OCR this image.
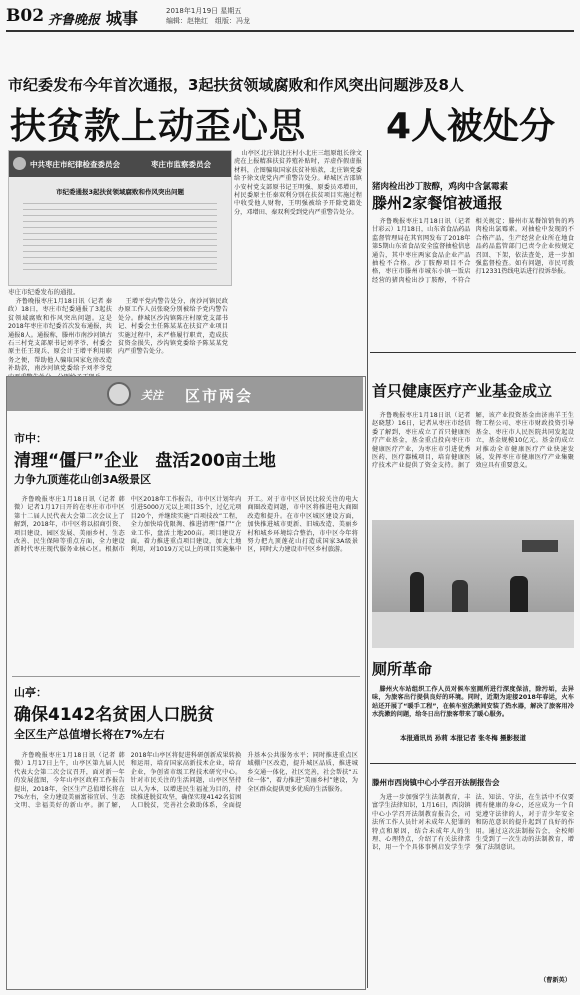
B02 齐鲁晚报 城事	2018年1月19日 星期五
编辑：赵艳红　组版：冯龙
市纪委发布今年首次通报，3起扶贫领域腐败和作风突出问题涉及8人
扶贫款上动歪心思 4人被处分
中共枣庄市纪律检查委员会	枣庄市监察委员会
市纪委通报3起扶贫领域腐败和作风突出问题
枣庄市纪委发布的通报。

齐鲁晚报枣庄1月18日讯（记者 秦政）18日，枣庄市纪委通报了3起扶贫领域腐败和作风突出问题。这是2018年枣庄市纪委首次发布通报，共通报8人。通报称，滕州市南沙河镇古石三村党支部原书记刘孝爷、村委会原主任王现兵、原会计王增平利用职务之便，帮助他人骗取国家危房改造补助款，南沙河镇党委给予刘孝爷党

王增平党内警告处分，南沙河镇民政办原工作人员张晓分别被给予党内警告处分。薛城区沙沟镇陈庄村原党支部书记、村委会主任陈某某在扶贫产业项目实施过程中，未严格履行职责，造成扶贫资金损失，沙沟镇党委给予陈某某党内严重警告处分。

山亭区北庄镇北庄村小北庄三组原组长徐文虎在上报精准扶贫养殖补贴时，弄虚作假虚报材料，企图骗取国家扶贫补贴款，北庄镇党委给予徐文虎党内严重警告处分。峄城区古邵镇小安村党支部原书记王明强、原委员邓增田，村民委原主任秦双利分别在扶贫项目实施过程中收受他人财物，王明强被给予开除党籍处分，邓增田、秦双利受到党内严重警告处分。

猪肉检出沙丁胺醇，鸡肉中含氯霉素
滕州2家餐馆被通报

齐鲁晚报枣庄1月18日讯（记者 甘彩云）1月18日，山东省食品药品监督管理局在其官网发布了2018年第5期山东省食品安全监督抽检信息通告，其中枣庄两家食品企业产品抽检不合格。沙丁胺醇项目不合格，枣庄市滕州市城东小镇一饭店经营的猪肉检出沙丁胺醇，不符合相关规定；滕州市某餐馆销售的鸡肉检出氯霉素。对抽检中发现的不合格产品，生产经营企业所在地食品药品监管部门已责令企业按规定召回、下架，依法查处，进一步加强监督检查。如有问题，市民可拨打12331热线电话进行投诉举报。

首只健康医疗产业基金成立

齐鲁晚报枣庄1月18日讯（记者 赵晓慧）16日，记者从枣庄市经信委了解到，枣庄成立了首只健康医疗产业基金，基金重点投向枣庄市健康医疗产业，为枣庄市引进优秀医药、医疗器械项目，培育健康医疗技术产业提供了资金支持。据了解，该产业投资基金由济南羊王生物工程公司、枣庄市财政投资引导基金、枣庄市人民医院共同发起设立，基金规模10亿元。基金的成立对推动全市健康医疗产业快速发展，发挥枣庄市健康医疗产业集聚效应具有重要意义。

厕所革命

滕州火车站组织工作人员对候车室厕所进行深度保洁，除污垢，去异味，为旅客出行提供良好的环境。同时，近期为迎接2018年春运，火车站还开展了“暖手工程”，在候车室洗漱间安装了热水器，解决了旅客用冷水洗漱的问题，给冬日出行旅客带来了暖心服务。

本报通讯员 孙莉 本报记者 张冬梅 摄影报道
滕州市西岗镇中心小学召开法制报告会

为进一步加强学生法制教育，丰富学生法律知识，1月16日，西岗镇中心小学召开法制教育报告会，司法所工作人员针对未成年人犯罪的特点和原因，结合未成年人的生理、心理特点，介绍了有关法律常识，用一个个具体事例启发学生学法、知法、守法，在生活中不仅要拥有健康的身心，还应成为一个自觉遵守法律的人，对于青少年安全和防范意识的提升起到了良好的作用。通过这次法制报告会，全校师生受到了一次生动的法制教育，增强了法制意识。

（曹新英）
关注 区市两会
市中：
清理“僵尸”企业　盘活200亩土地
力争九顶莲花山创3A级景区

齐鲁晚报枣庄1月18日讯（记者 韩微）记者1月17日开的在枣庄市市中区第十二届人民代表大会第二次会议上了解到，2018年，市中区将以招商引资、项目建设、园区发展、美丽乡村、生态改善、民生保障等重点方面，全力建设新时代枣庄现代服务业核心区。根据市中区2018年工作报告，市中区计划年内引进5000万元以上项目35个，过亿元项目20个，并继续实施“百项技改”工程，全力加快培优限淘、推进清理“僵尸”企业工作，盘活土地200亩。项目建设方面，着力推进重点项目建设，加大土地利用，对1019万元以上的项目实施集中开工。对于市中区居民比较关注的电大商圈改造问题，市中区将推进电大商圈改造和提升。在市中区城区建设方面，加快推进城市更新、旧城改造、美丽乡村和城乡环境综合整治，市中区今年将努力把九顶莲花山打造成国家3A级景区，同时大力建设市中区乡村旅游。

山亭：
确保4142名贫困人口脱贫
全区生产总值增长将在7%左右

齐鲁晚报枣庄1月18日讯（记者 韩微）1月17日上午，山亭区第九届人民代表大会第二次会议召开，面对新一年的发展蓝图，今年山亭区政府工作报告提出，2018年，全区生产总值增长将在7%左右，全力建设美丽富裕宜居、生态文明、幸福美好的新山亭。据了解，2018年山亭区将促进科研创新成果转换和运用，培育国家高新技术企业，培育企业，争创省市级工程技术研究中心。针对市民关注的生活问题，山亭区坚持以人为本，以增进民生福祉为目的，持续推进脱贫攻坚，确保实现4142名贫困人口脱贫，完善社会救助体系，全面提升基本公共服务水平；同时推进重点区域棚户区改造，提升城区品质，推进城乡交通一体化，社区完善，社会帮扶“五位一体”，着力推进“美丽乡村”建设，为全区群众提供更多优质的生活服务。
